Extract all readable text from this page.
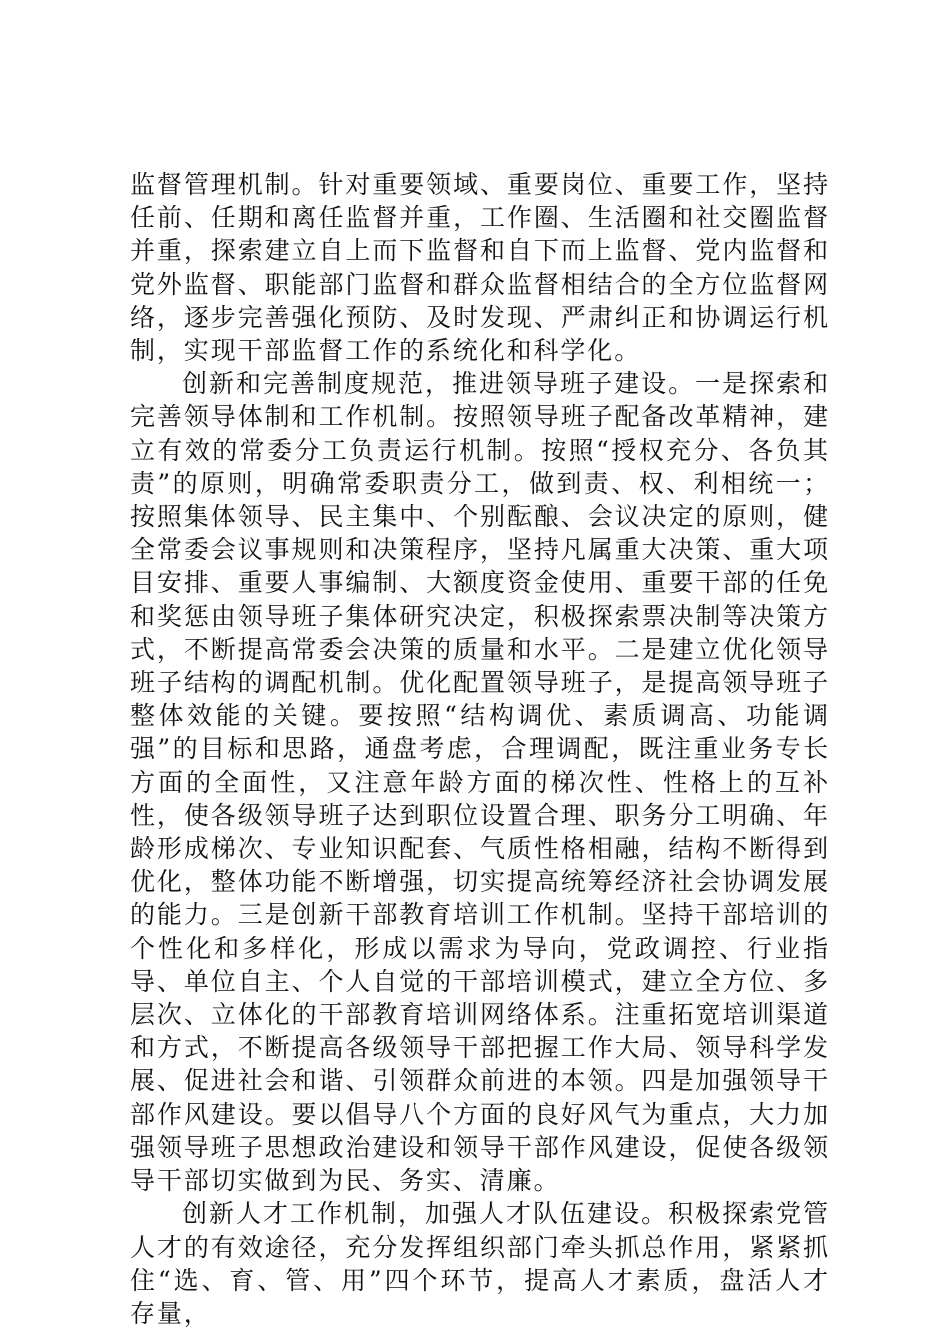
监督管理机制。针对重要领域、重要岗位、重要工作，坚持任前、任期和离任监督并重，工作圈、生活圈和社交圈监督并重，探索建立自上而下监督和自下而上监督、党内监督和党外监督、职能部门监督和群众监督相结合的全方位监督网络，逐步完善强化预防、及时发现、严肃纠正和协调运行机制，实现干部监督工作的系统化和科学化。

创新和完善制度规范，推进领导班子建设。一是探索和完善领导体制和工作机制。按照领导班子配备改革精神，建立有效的常委分工负责运行机制。按照“授权充分、各负其责”的原则，明确常委职责分工，做到责、权、利相统一；按照集体领导、民主集中、个别酝酿、会议决定的原则，健全常委会议事规则和决策程序，坚持凡属重大决策、重大项目安排、重要人事编制、大额度资金使用、重要干部的任免和奖惩由领导班子集体研究决定，积极探索票决制等决策方式，不断提高常委会决策的质量和水平。二是建立优化领导班子结构的调配机制。优化配置领导班子，是提高领导班子整体效能的关键。要按照“结构调优、素质调高、功能调强”的目标和思路，通盘考虑，合理调配，既注重业务专长方面的全面性，又注意年龄方面的梯次性、性格上的互补性，使各级领导班子达到职位设置合理、职务分工明确、年龄形成梯次、专业知识配套、气质性格相融，结构不断得到优化，整体功能不断增强，切实提高统筹经济社会协调发展的能力。三是创新干部教育培训工作机制。坚持干部培训的个性化和多样化，形成以需求为导向，党政调控、行业指导、单位自主、个人自觉的干部培训模式，建立全方位、多层次、立体化的干部教育培训网络体系。注重拓宽培训渠道和方式，不断提高各级领导干部把握工作大局、领导科学发展、促进社会和谐、引领群众前进的本领。四是加强领导干部作风建设。要以倡导八个方面的良好风气为重点，大力加强领导班子思想政治建设和领导干部作风建设，促使各级领导干部切实做到为民、务实、清廉。

创新人才工作机制，加强人才队伍建设。积极探索党管人才的有效途径，充分发挥组织部门牵头抓总作用，紧紧抓住“选、育、管、用”四个环节，提高人才素质，盘活人才存量，
